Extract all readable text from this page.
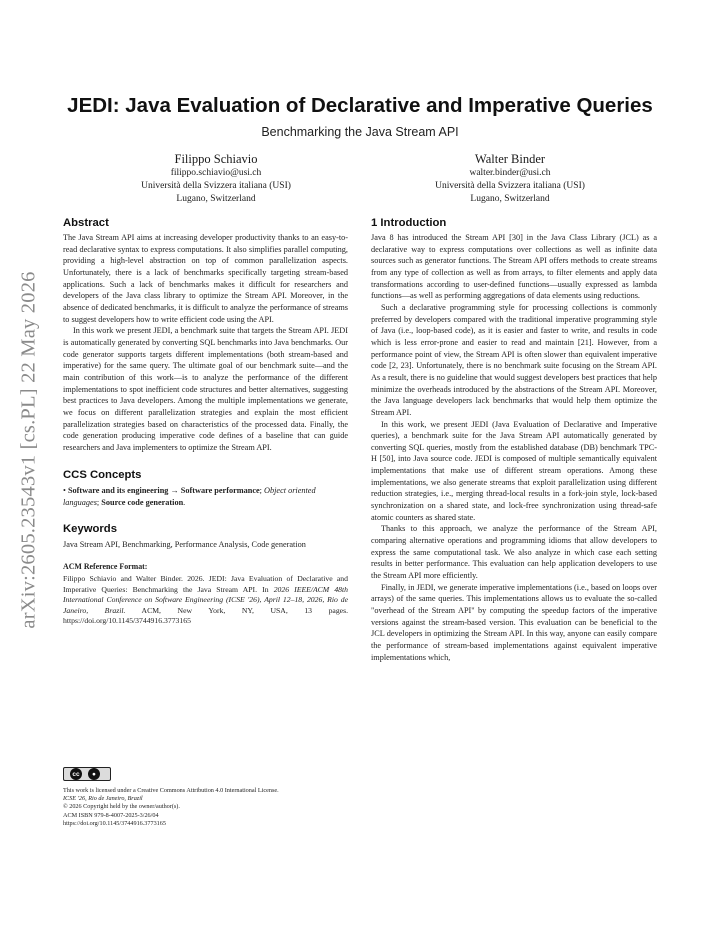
arXiv:2605.23543v1 [cs.PL] 22 May 2026
JEDI: Java Evaluation of Declarative and Imperative Queries
Benchmarking the Java Stream API
Filippo Schiavio
filippo.schiavio@usi.ch
Università della Svizzera italiana (USI)
Lugano, Switzerland
Walter Binder
walter.binder@usi.ch
Università della Svizzera italiana (USI)
Lugano, Switzerland
Abstract

The Java Stream API aims at increasing developer productivity thanks to an easy-to-read declarative syntax to express computations. It also simplifies parallel computing, providing a high-level abstraction on top of common parallelization aspects. Unfortunately, there is a lack of benchmarks specifically targeting stream-based applications. Such a lack of benchmarks makes it difficult for researchers and developers of the Java class library to optimize the Stream API. Moreover, in the absence of dedicated benchmarks, it is difficult to analyze the performance of streams to suggest developers how to write efficient code using the API.

In this work we present JEDI, a benchmark suite that targets the Stream API. JEDI is automatically generated by converting SQL benchmarks into Java benchmarks. Our code generator supports targets different implementations (both stream-based and imperative) for the same query. The ultimate goal of our benchmark suite—and the main contribution of this work—is to analyze the performance of the different implementations to spot inefficient code structures and better alternatives, suggesting best practices to Java developers. Among the multiple implementations we generate, we focus on different parallelization strategies and explain the most efficient parallelization strategies based on characteristics of the processed data. Finally, the code generation producing imperative code defines of a baseline that can guide researchers and Java implementers to optimize the Stream API.

CCS Concepts
• Software and its engineering → Software performance; Object oriented languages; Source code generation.
Keywords
Java Stream API, Benchmarking, Performance Analysis, Code generation
ACM Reference Format:
Filippo Schiavio and Walter Binder. 2026. JEDI: Java Evaluation of Declarative and Imperative Queries: Benchmarking the Java Stream API. In 2026 IEEE/ACM 48th International Conference on Software Engineering (ICSE '26), April 12–18, 2026, Rio de Janeiro, Brazil. ACM, New York, NY, USA, 13 pages. https://doi.org/10.1145/3744916.3773165
cc	●
This work is licensed under a Creative Commons Attribution 4.0 International License.
ICSE '26, Rio de Janeiro, Brazil
© 2026 Copyright held by the owner/author(s).
ACM ISBN 979-8-4007-2025-3/26/04
https://doi.org/10.1145/3744916.3773165
1 Introduction

Java 8 has introduced the Stream API [30] in the Java Class Library (JCL) as a declarative way to express computations over collections as well as infinite data sources such as generator functions. The Stream API offers methods to create streams from any type of collection as well as from arrays, to filter elements and apply data transformations according to user-defined functions—usually expressed as lambda functions—as well as performing aggregations of data elements using reductions.

Such a declarative programming style for processing collections is commonly preferred by developers compared with the traditional imperative programming style of Java (i.e., loop-based code), as it is easier and faster to write, and results in code which is less error-prone and easier to read and maintain [21]. However, from a performance point of view, the Stream API is often slower than equivalent imperative code [2, 23]. Unfortunately, there is no benchmark suite focusing on the Stream API. As a result, there is no guideline that would suggest developers best practices that help minimize the overheads introduced by the abstractions of the Stream API. Moreover, the Java language developers lack benchmarks that would help them optimize the Stream API.

In this work, we present JEDI (Java Evaluation of Declarative and Imperative queries), a benchmark suite for the Java Stream API automatically generated by converting SQL queries, mostly from the established database (DB) benchmark TPC-H [50], into Java source code. JEDI is composed of multiple semantically equivalent implementations that make use of different stream operations. Among these implementations, we also generate streams that exploit parallelization using different reduction strategies, i.e., merging thread-local results in a fork-join style, lock-based synchronization on a shared state, and lock-free synchronization using thread-safe atomic counters as shared state.

Thanks to this approach, we analyze the performance of the Stream API, comparing alternative operations and programming idioms that allow developers to express the same computational task. We also analyze in which case each setting results in better performance. This evaluation can help application developers to use the Stream API more efficiently.

Finally, in JEDI, we generate imperative implementations (i.e., based on loops over arrays) of the same queries. This implementations allows us to evaluate the so-called "overhead of the Stream API" by computing the speedup factors of the imperative versions against the stream-based version. This evaluation can be beneficial to the JCL developers in optimizing the Stream API. In this way, anyone can easily compare the performance of stream-based implementations against equivalent imperative implementations which,
